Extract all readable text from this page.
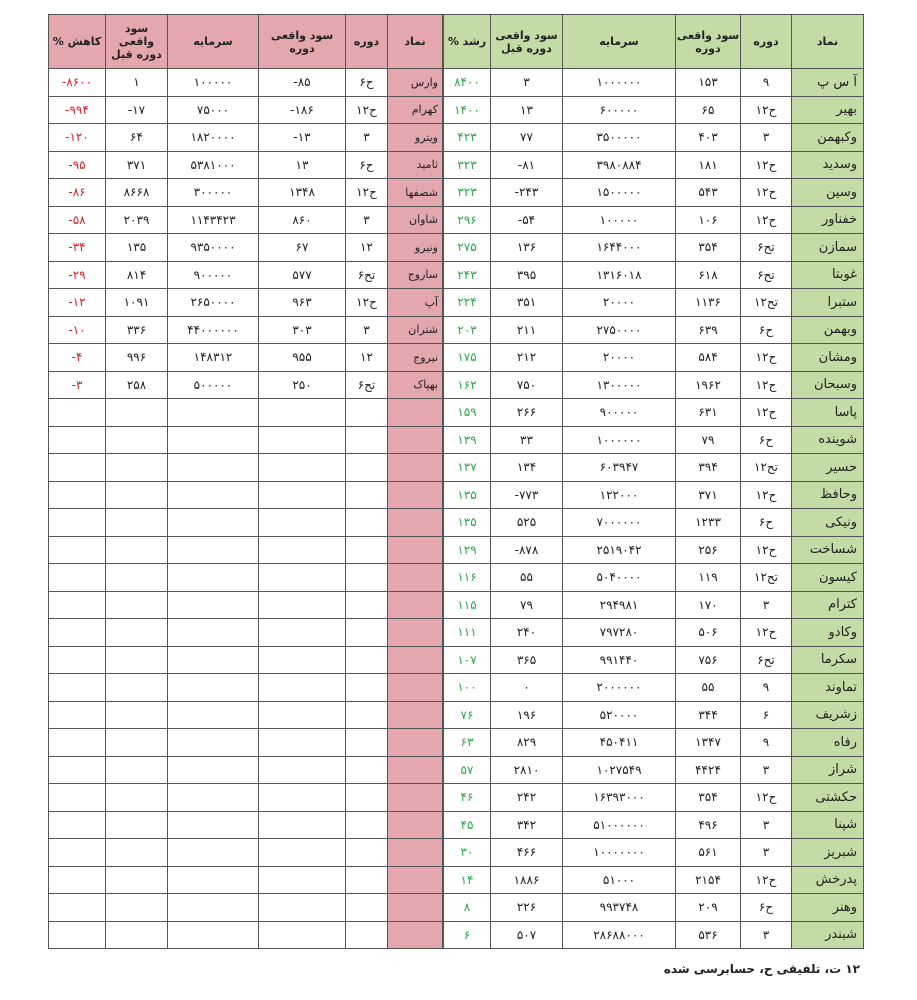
% رشد	سود واقعی دوره قبل	سرمایه	سود واقعی دوره	دوره	نماد
۸۴۰۰	۳	۱۰۰۰۰۰۰	۱۵۳	۹	آ س پ
۱۴۰۰	۱۳	۶۰۰۰۰۰	۶۵	۱۲ح	بهیر
۴۲۳	۷۷	۳۵۰۰۰۰۰	۴۰۳	۳	وکبهمن
۳۲۳	-۸۱	۳۹۸۰۸۸۴	۱۸۱	۱۲ح	وسدید
۳۲۳	-۲۴۳	۱۵۰۰۰۰۰	۵۴۳	۱۲ح	وسین
۲۹۶	-۵۴	۱۰۰۰۰۰	۱۰۶	۱۲ح	خفناور
۲۷۵	۱۳۶	۱۶۴۴۰۰۰	۳۵۴	۶تح	سمازن
۲۴۳	۳۹۵	۱۳۱۶۰۱۸	۶۱۸	۶تح	غوبتا
۲۲۴	۳۵۱	۲۰۰۰۰	۱۱۳۶	۱۲تح	ستبرا
۲۰۳	۲۱۱	۲۷۵۰۰۰۰	۶۳۹	۶ح	وبهمن
۱۷۵	۲۱۲	۲۰۰۰۰	۵۸۴	۱۲ح	ومشان
۱۶۲	۷۵۰	۱۳۰۰۰۰۰	۱۹۶۲	۱۲ح	وسبحان
۱۵۹	۲۶۶	۹۰۰۰۰۰	۶۳۱	۱۲ح	پاسا
۱۳۹	۳۳	۱۰۰۰۰۰۰	۷۹	۶ح	شوینده
۱۳۷	۱۳۴	۶۰۳۹۴۷	۳۹۴	۱۲تح	حسیر
۱۳۵	-۷۷۳	۱۲۲۰۰۰	۳۷۱	۱۲ح	وحافظ
۱۳۵	۵۲۵	۷۰۰۰۰۰۰	۱۲۳۳	۶ح	ونیکی
۱۲۹	-۸۷۸	۲۵۱۹۰۴۲	۲۵۶	۱۲ح	شساخت
۱۱۶	۵۵	۵۰۴۰۰۰۰	۱۱۹	۱۲تح	کیسون
۱۱۵	۷۹	۲۹۴۹۸۱	۱۷۰	۳	کترام
۱۱۱	۲۴۰	۷۹۷۲۸۰	۵۰۶	۱۲ح	وکادو
۱۰۷	۳۶۵	۹۹۱۴۴۰	۷۵۶	۶تح	سکرما
۱۰۰	۰	۲۰۰۰۰۰۰	۵۵	۹	تماوند
۷۶	۱۹۶	۵۲۰۰۰۰	۳۴۴	۶	زشریف
۶۳	۸۲۹	۴۵۰۴۱۱	۱۳۴۷	۹	رفاه
۵۷	۲۸۱۰	۱۰۲۷۵۴۹	۴۴۲۴	۳	شراز
۴۶	۲۴۲	۱۶۳۹۳۰۰۰	۳۵۴	۱۲ح	حکشتی
۴۵	۳۴۲	۵۱۰۰۰۰۰۰	۴۹۶	۳	شپنا
۳۰	۴۶۶	۱۰۰۰۰۰۰۰	۵۶۱	۳	شبریز
۱۴	۱۸۸۶	۵۱۰۰۰	۲۱۵۴	۱۲ح	پدرخش
۸	۲۲۶	۹۹۳۷۴۸	۲۰۹	۶ح	وهنر
۶	۵۰۷	۲۸۶۸۸۰۰۰	۵۳۶	۳	شبندر
% کاهش	سود واقعی دوره قبل	سرمایه	سود واقعی دوره	دوره	نماد
-۸۶۰۰	۱	۱۰۰۰۰۰	-۸۵	۶ح	وارس
-۹۹۴	-۱۷	۷۵۰۰۰	-۱۸۶	۱۲ح	کهرام
-۱۲۰	۶۴	۱۸۲۰۰۰۰	-۱۳	۳	ویترو
-۹۵	۳۷۱	۵۳۸۱۰۰۰	۱۳	۶ح	ثامید
-۸۶	۸۶۶۸	۳۰۰۰۰۰	۱۳۴۸	۱۲ح	شصفها
-۵۸	۲۰۳۹	۱۱۴۳۴۲۳	۸۶۰	۳	شاوان
-۳۴	۱۳۵	۹۳۵۰۰۰۰	۶۷	۱۲	ونیرو
-۲۹	۸۱۴	۹۰۰۰۰۰	۵۷۷	۶تح	ساروج
-۱۲	۱۰۹۱	۲۶۵۰۰۰۰	۹۶۳	۱۲ح	آپ
-۱۰	۳۳۶	۴۴۰۰۰۰۰۰	۳۰۳	۳	شتران
-۴	۹۹۶	۱۴۸۳۱۲	۹۵۵	۱۲	نیروج
-۳	۲۵۸	۵۰۰۰۰۰	۲۵۰	۶تح	بهپاک

۱۲ ت، تلفیقی ح، حسابرسی شده
